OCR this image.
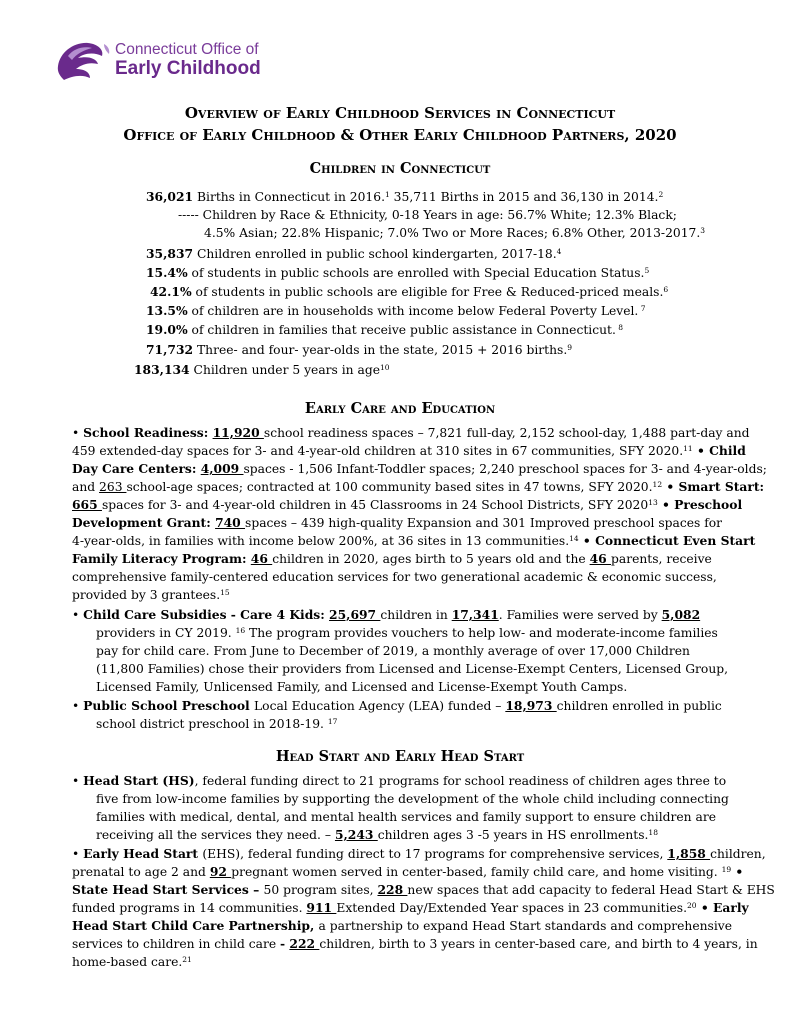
Connecticut Office of
Early Childhood
Overview of Early Childhood Services in Connecticut
Office of Early Childhood & Other Early Childhood Partners, 2020
Children in Connecticut
36,021 Births in Connecticut in 2016.$^1$ 35,711 Births in 2015 and 36,130 in 2014.$^2$
----- Children by Race & Ethnicity, 0-18 Years in age: 56.7% White; 12.3% Black;
4.5% Asian; 22.8% Hispanic; 7.0% Two or More Races; 6.8% Other, 2013-2017.$^3$
35,837 Children enrolled in public school kindergarten, 2017-18.$^4$
15.4% of students in public schools are enrolled with Special Education Status.$^5$
42.1% of students in public schools are eligible for Free & Reduced-priced meals.$^6$
13.5% of children are in households with income below Federal Poverty Level. $^7$
19.0% of children in families that receive public assistance in Connecticut. $^8$
71,732 Three- and four- year-olds in the state, 2015 + 2016 births.$^9$
183,134 Children under 5 years in age$^{10}$
Early Care and Education
• School Readiness: 11,920 school readiness spaces – 7,821 full-day, 2,152 school-day, 1,488 part-day and
459 extended-day spaces for 3- and 4-year-old children at 310 sites in 67 communities, SFY 2020.11 • Child
Day Care Centers: 4,009 spaces - 1,506 Infant-Toddler spaces; 2,240 preschool spaces for 3- and 4-year-olds;
and 263 school-age spaces; contracted at 100 community based sites in 47 towns, SFY 2020.12 • Smart Start:
665 spaces for 3- and 4-year-old children in 45 Classrooms in 24 School Districts, SFY 2020$^{13}$ • Preschool
Development Grant: 740 spaces – 439 high-quality Expansion and 301 Improved preschool spaces for
4-year-olds, in families with income below 200%, at 36 sites in 13 communities.$^{14}$ • Connecticut Even Start
Family Literacy Program: 46 children in 2020, ages birth to 5 years old and the 46 parents, receive
comprehensive family-centered education services for two generational academic & economic success,
provided by 3 grantees.$^{15}$
• Child Care Subsidies - Care 4 Kids: 25,697 children in 17,341. Families were served by 5,082
providers in CY 2019. $^{16}$ The program provides vouchers to help low- and moderate-income families
pay for child care. From June to December of 2019, a monthly average of over 17,000 Children
(11,800 Families) chose their providers from Licensed and License-Exempt Centers, Licensed Group,
Licensed Family, Unlicensed Family, and Licensed and License-Exempt Youth Camps.
• Public School Preschool Local Education Agency (LEA) funded – 18,973 children enrolled in public
school district preschool in 2018-19. $^{17}$
Head Start and Early Head Start
• Head Start (HS), federal funding direct to 21 programs for school readiness of children ages three to
five from low-income families by supporting the development of the whole child including connecting
families with medical, dental, and mental health services and family support to ensure children are
receiving all the services they need. – 5,243 children ages 3 -5 years in HS enrollments.$^{18}$
• Early Head Start (EHS), federal funding direct to 17 programs for comprehensive services, 1,858 children,
prenatal to age 2 and 92 pregnant women served in center-based, family child care, and home visiting. $^{19}$ •
State Head Start Services – 50 program sites, 228 new spaces that add capacity to federal Head Start & EHS
funded programs in 14 communities. 911 Extended Day/Extended Year spaces in 23 communities.$^{20}$ • Early
Head Start Child Care Partnership, a partnership to expand Head Start standards and comprehensive
services to children in child care - 222 children, birth to 3 years in center-based care, and birth to 4 years, in
home-based care.$^{21}$
